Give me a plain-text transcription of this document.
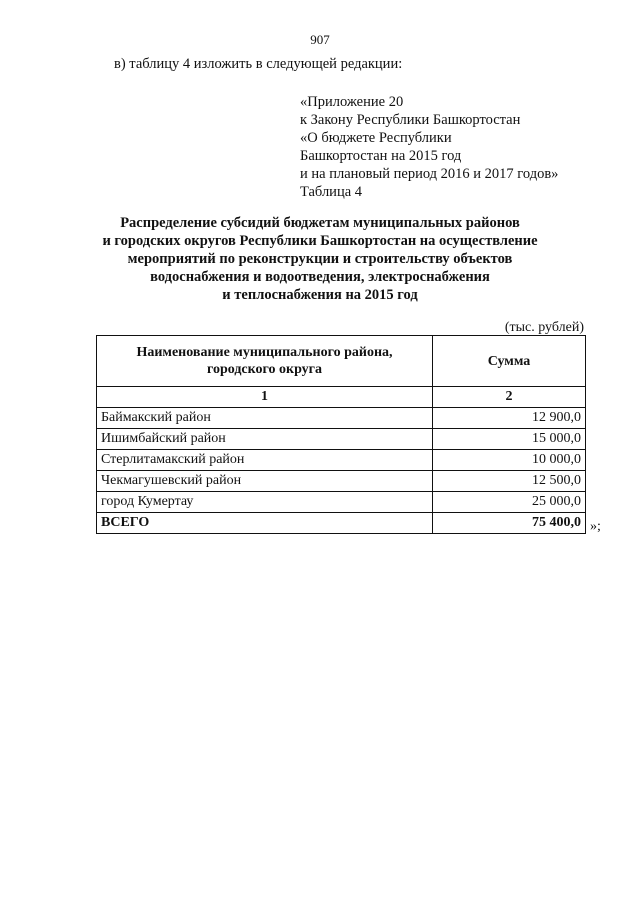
907
в) таблицу 4 изложить в следующей редакции:
«Приложение 20
к Закону Республики Башкортостан
«О бюджете Республики
Башкортостан на 2015 год
и на плановый период 2016 и 2017 годов»
Таблица 4
Распределение субсидий бюджетам муниципальных районов
и городских округов Республики Башкортостан на осуществление
мероприятий по реконструкции и строительству объектов
водоснабжения и водоотведения, электроснабжения
и теплоснабжения на 2015 год
(тыс. рублей)
Наименование муниципального района,
городского округа	Сумма
1	2
Баймакский район	12 900,0
Ишимбайский район	15 000,0
Стерлитамакский район	10 000,0
Чекмагушевский район	12 500,0
город Кумертау	25 000,0
ВСЕГО	75 400,0 »;
